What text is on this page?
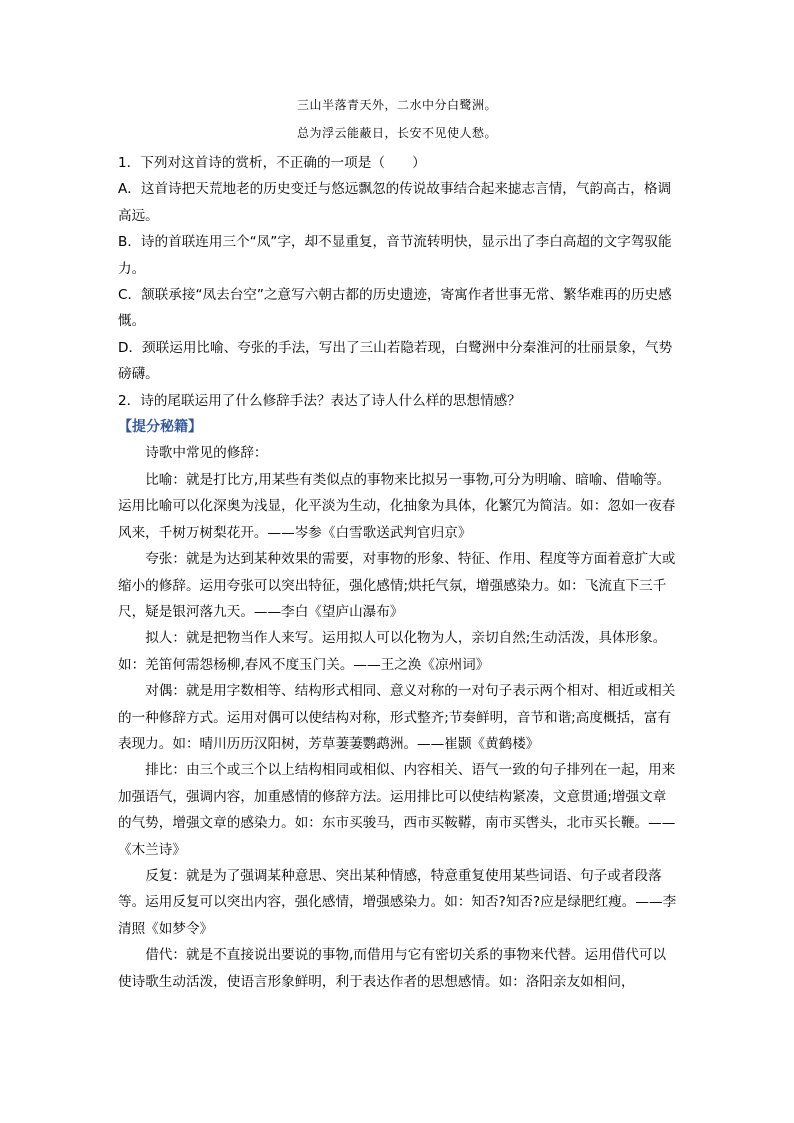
三山半落青天外，二水中分白鹭洲。
总为浮云能蔽日，长安不见使人愁。

1．下列对这首诗的赏析，不正确的一项是（　　）

A．这首诗把天荒地老的历史变迁与悠远飘忽的传说故事结合起来摅志言情，气韵高古，格调高远。

B．诗的首联连用三个“凤”字，却不显重复，音节流转明快，显示出了李白高超的文字驾驭能力。

C．颔联承接“凤去台空”之意写六朝古都的历史遗迹，寄寓作者世事无常、繁华难再的历史感慨。

D．颈联运用比喻、夸张的手法，写出了三山若隐若现，白鹭洲中分秦淮河的壮丽景象，气势磅礴。

2．诗的尾联运用了什么修辞手法？表达了诗人什么样的思想情感？

【提分秘籍】

诗歌中常见的修辞：

比喻：就是打比方,用某些有类似点的事物来比拟另一事物,可分为明喻、暗喻、借喻等。运用比喻可以化深奥为浅显，化平淡为生动，化抽象为具体，化繁冗为简洁。如：忽如一夜春风来，千树万树梨花开。——岑参《白雪歌送武判官归京》

夸张：就是为达到某种效果的需要，对事物的形象、特征、作用、程度等方面着意扩大或缩小的修辞。运用夸张可以突出特征，强化感情;烘托气氛，增强感染力。如：飞流直下三千尺，疑是银河落九天。——李白《望庐山瀑布》

拟人：就是把物当作人来写。运用拟人可以化物为人，亲切自然;生动活泼，具体形象。如：羌笛何需怨杨柳,春风不度玉门关。——王之涣《凉州词》

对偶：就是用字数相等、结构形式相同、意义对称的一对句子表示两个相对、相近或相关的一种修辞方式。运用对偶可以使结构对称，形式整齐;节奏鲜明，音节和谐;高度概括，富有表现力。如：晴川历历汉阳树，芳草萋萋鹦鹉洲。——崔颢《黄鹤楼》

排比：由三个或三个以上结构相同或相似、内容相关、语气一致的句子排列在一起，用来加强语气，强调内容，加重感情的修辞方法。运用排比可以使结构紧凑，文意贯通;增强文章的气势，增强文章的感染力。如：东市买骏马，西市买鞍鞯，南市买辔头，北市买长鞭。——《木兰诗》

反复：就是为了强调某种意思、突出某种情感，特意重复使用某些词语、句子或者段落等。运用反复可以突出内容，强化感情，增强感染力。如：知否?知否?应是绿肥红瘦。——李清照《如梦令》

借代：就是不直接说出要说的事物,而借用与它有密切关系的事物来代替。运用借代可以使诗歌生动活泼，使语言形象鲜明，利于表达作者的思想感情。如：洛阳亲友如相问，
